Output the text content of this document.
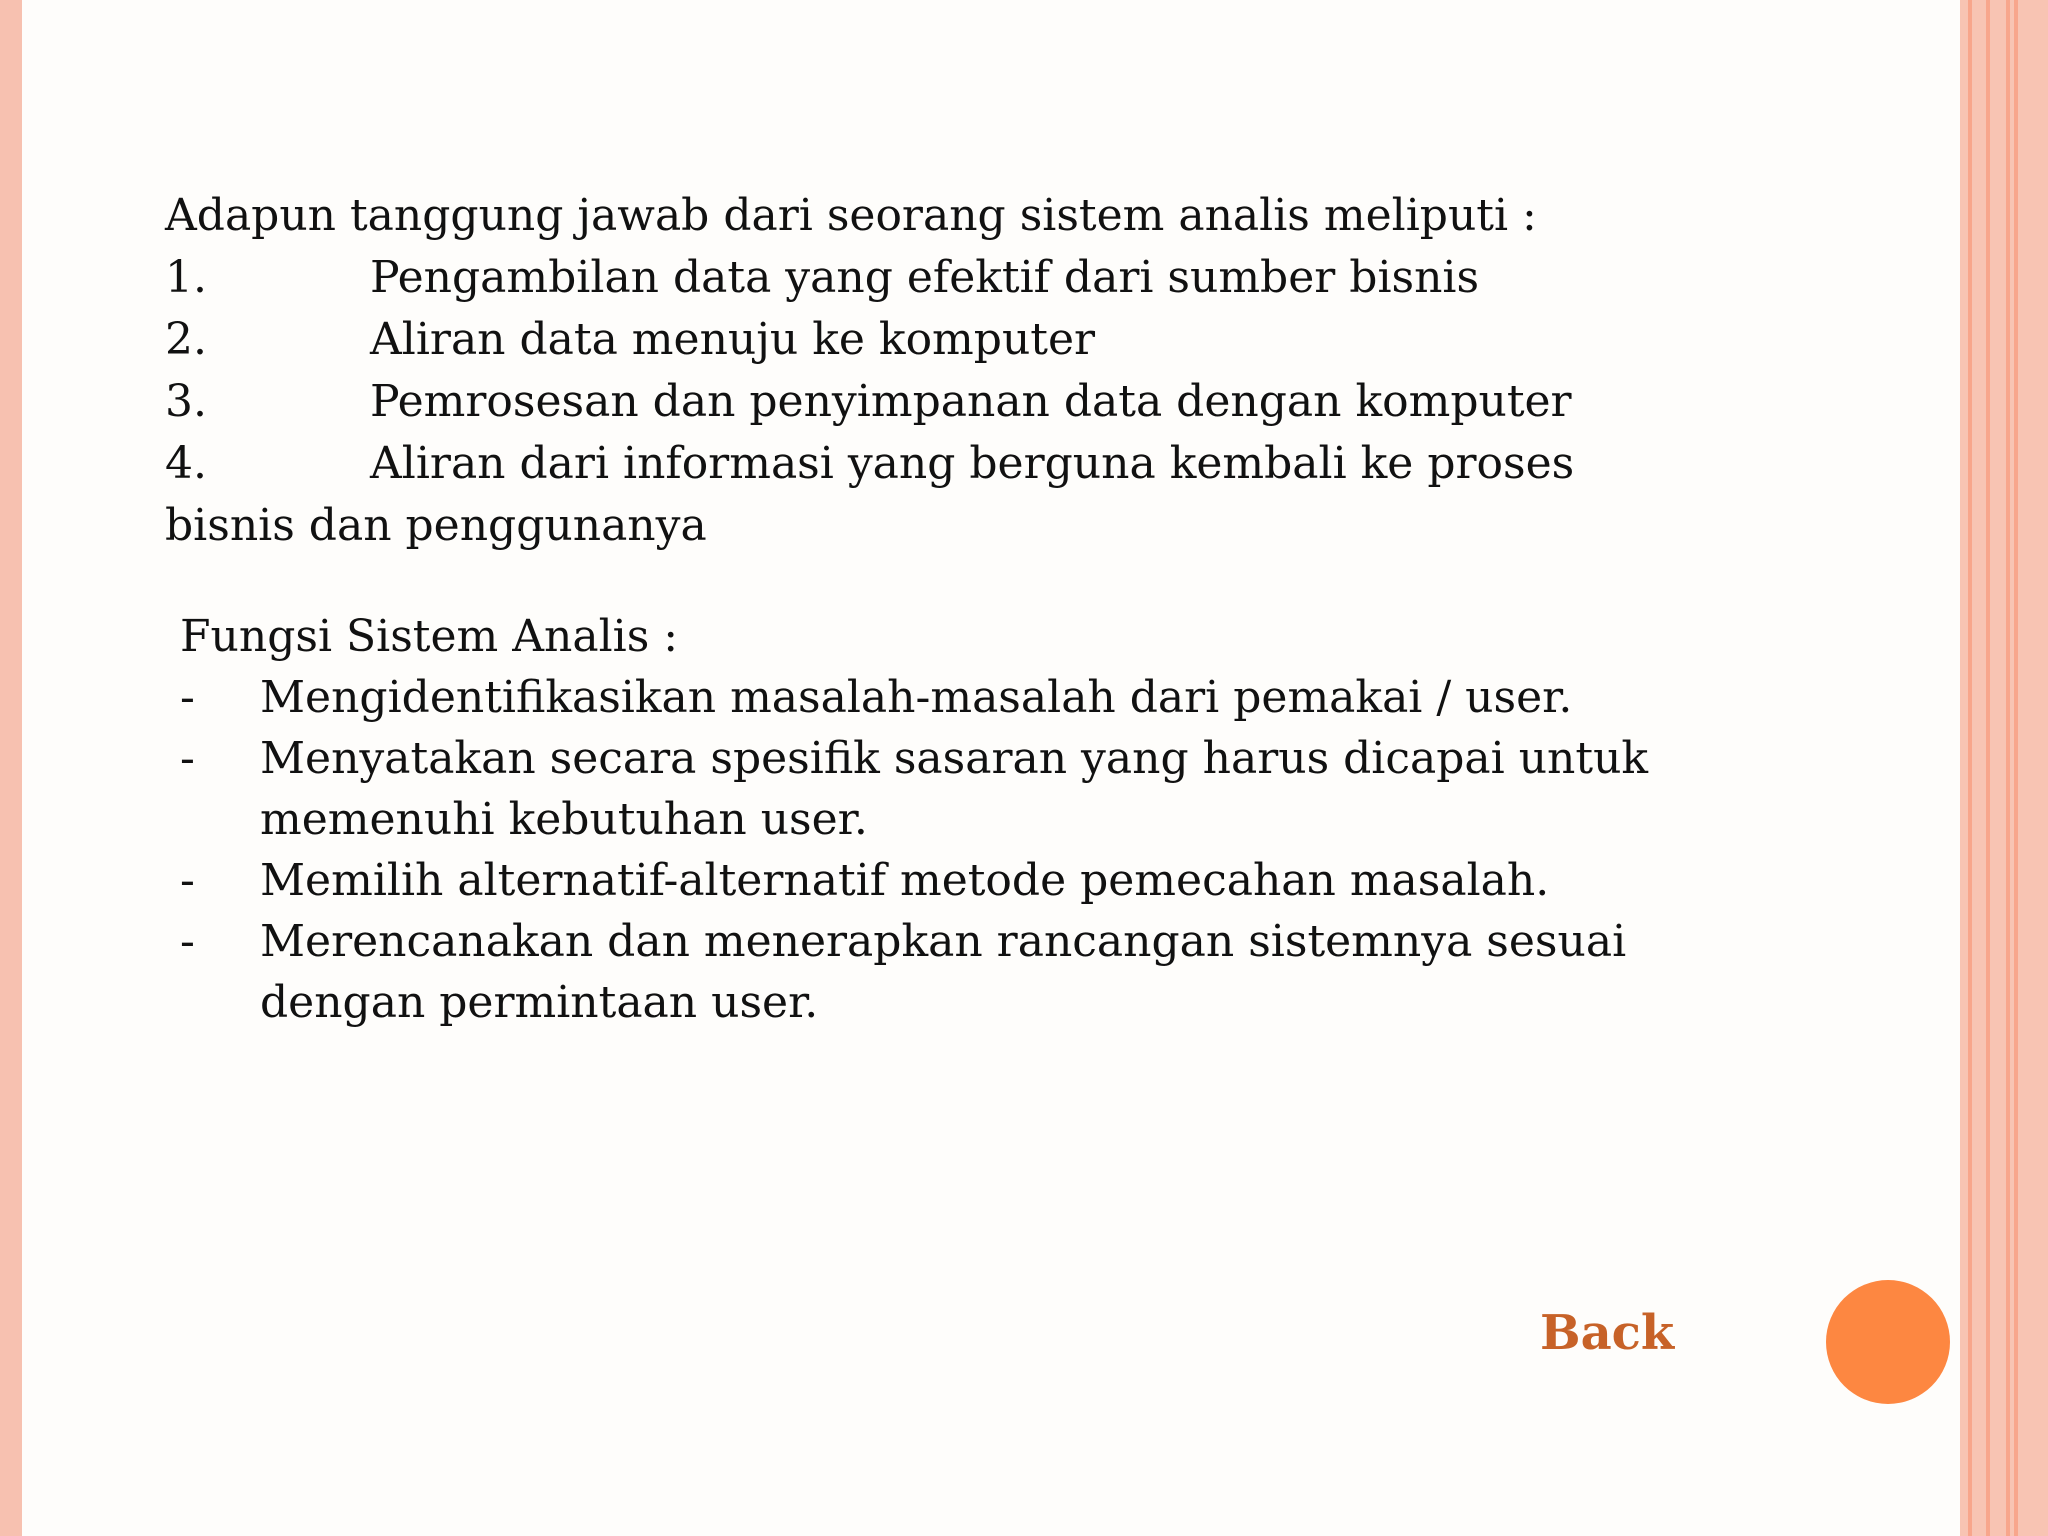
Adapun tanggung jawab dari seorang sistem analis meliputi :

1.	Pengambilan data yang efektif dari sumber bisnis
2.	Aliran data menuju ke komputer
3.	Pemrosesan dan penyimpanan data dengan komputer
4.	Aliran dari informasi yang berguna kembali ke proses

bisnis dan penggunanya

Fungsi Sistem Analis :

-	Mengidentifikasikan masalah-masalah dari pemakai / user.
-	Menyatakan secara spesifik sasaran yang harus dicapai untuk memenuhi kebutuhan user.
-	Memilih alternatif-alternatif metode pemecahan masalah.
-	Merencanakan dan menerapkan rancangan sistemnya sesuai dengan permintaan user.
Back
